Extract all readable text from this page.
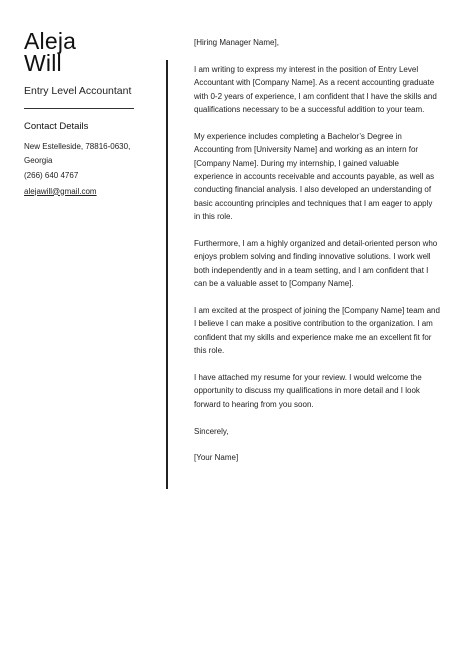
Aleja
Will
Entry Level Accountant
Contact Details
New Estelleside, 78816-0630, Georgia
(266) 640 4767
alejawill@gmail.com

[Hiring Manager Name],

I am writing to express my interest in the position of Entry Level Accountant with [Company Name]. As a recent accounting graduate with 0-2 years of experience, I am confident that I have the skills and qualifications necessary to be a successful addition to your team.

My experience includes completing a Bachelor’s Degree in Accounting from [University Name] and working as an intern for [Company Name]. During my internship, I gained valuable experience in accounts receivable and accounts payable, as well as conducting financial analysis. I also developed an understanding of basic accounting principles and techniques that I am eager to apply in this role.

Furthermore, I am a highly organized and detail-oriented person who enjoys problem solving and finding innovative solutions. I work well both independently and in a team setting, and I am confident that I can be a valuable asset to [Company Name].

I am excited at the prospect of joining the [Company Name] team and I believe I can make a positive contribution to the organization. I am confident that my skills and experience make me an excellent fit for this role.

I have attached my resume for your review. I would welcome the opportunity to discuss my qualifications in more detail and I look forward to hearing from you soon.

Sincerely,

[Your Name]
